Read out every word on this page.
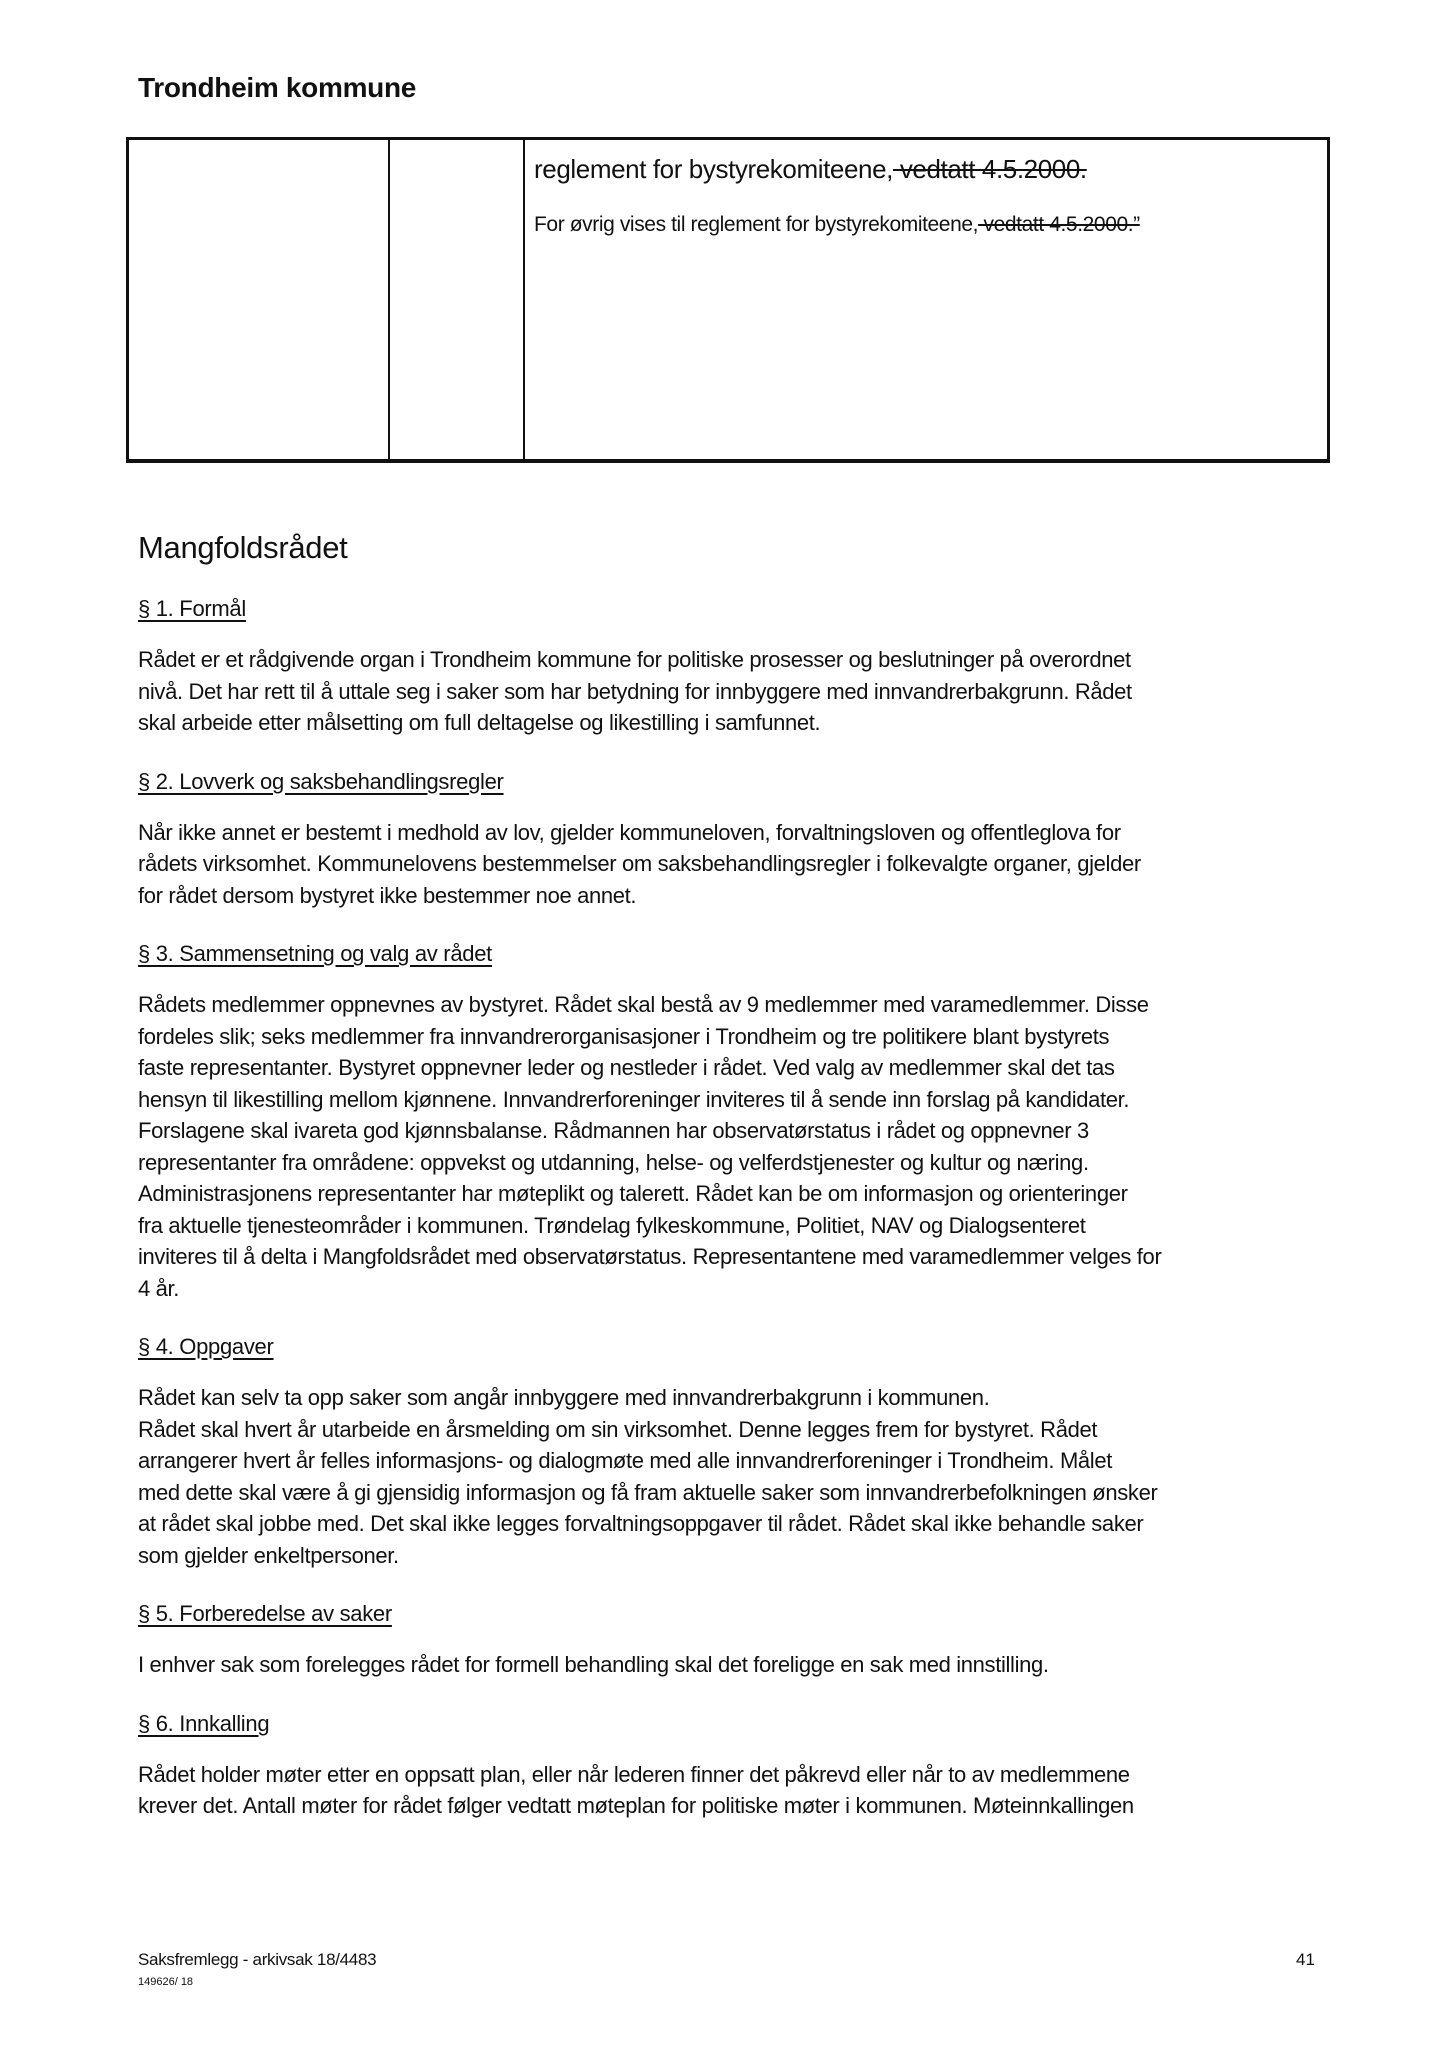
Trondheim kommune
reglement for bystyrekomiteene, vedtatt 4.5.2000.
For øvrig vises til reglement for bystyrekomiteene, vedtatt 4.5.2000.”
Mangfoldsrådet
§ 1. Formål

Rådet er et rådgivende organ i Trondheim kommune for politiske prosesser og beslutninger på overordnet

nivå. Det har rett til å uttale seg i saker som har betydning for innbyggere med innvandrerbakgrunn. Rådet

skal arbeide etter målsetting om full deltagelse og likestilling i samfunnet.

§ 2. Lovverk og saksbehandlingsregler

Når ikke annet er bestemt i medhold av lov, gjelder kommuneloven, forvaltningsloven og offentleglova for

rådets virksomhet. Kommunelovens bestemmelser om saksbehandlingsregler i folkevalgte organer, gjelder

for rådet dersom bystyret ikke bestemmer noe annet.

§ 3. Sammensetning og valg av rådet

Rådets medlemmer oppnevnes av bystyret. Rådet skal bestå av 9 medlemmer med varamedlemmer. Disse

fordeles slik; seks medlemmer fra innvandrerorganisasjoner i Trondheim og tre politikere blant bystyrets

faste representanter. Bystyret oppnevner leder og nestleder i rådet. Ved valg av medlemmer skal det tas

hensyn til likestilling mellom kjønnene. Innvandrerforeninger inviteres til å sende inn forslag på kandidater.

Forslagene skal ivareta god kjønnsbalanse. Rådmannen har observatørstatus i rådet og oppnevner 3

representanter fra områdene: oppvekst og utdanning, helse- og velferdstjenester og kultur og næring.

Administrasjonens representanter har møteplikt og talerett. Rådet kan be om informasjon og orienteringer

fra aktuelle tjenesteområder i kommunen. Trøndelag fylkeskommune, Politiet, NAV og Dialogsenteret

inviteres til å delta i Mangfoldsrådet med observatørstatus. Representantene med varamedlemmer velges for

4 år.

§ 4. Oppgaver

Rådet kan selv ta opp saker som angår innbyggere med innvandrerbakgrunn i kommunen.

Rådet skal hvert år utarbeide en årsmelding om sin virksomhet. Denne legges frem for bystyret. Rådet

arrangerer hvert år felles informasjons- og dialogmøte med alle innvandrerforeninger i Trondheim. Målet

med dette skal være å gi gjensidig informasjon og få fram aktuelle saker som innvandrerbefolkningen ønsker

at rådet skal jobbe med. Det skal ikke legges forvaltningsoppgaver til rådet. Rådet skal ikke behandle saker

som gjelder enkeltpersoner.

§ 5. Forberedelse av saker

I enhver sak som forelegges rådet for formell behandling skal det foreligge en sak med innstilling.

§ 6. Innkalling

Rådet holder møter etter en oppsatt plan, eller når lederen finner det påkrevd eller når to av medlemmene

krever det. Antall møter for rådet følger vedtatt møteplan for politiske møter i kommunen. Møteinnkallingen

Saksfremlegg - arkivsak 18/4483
149626/ 18
41
